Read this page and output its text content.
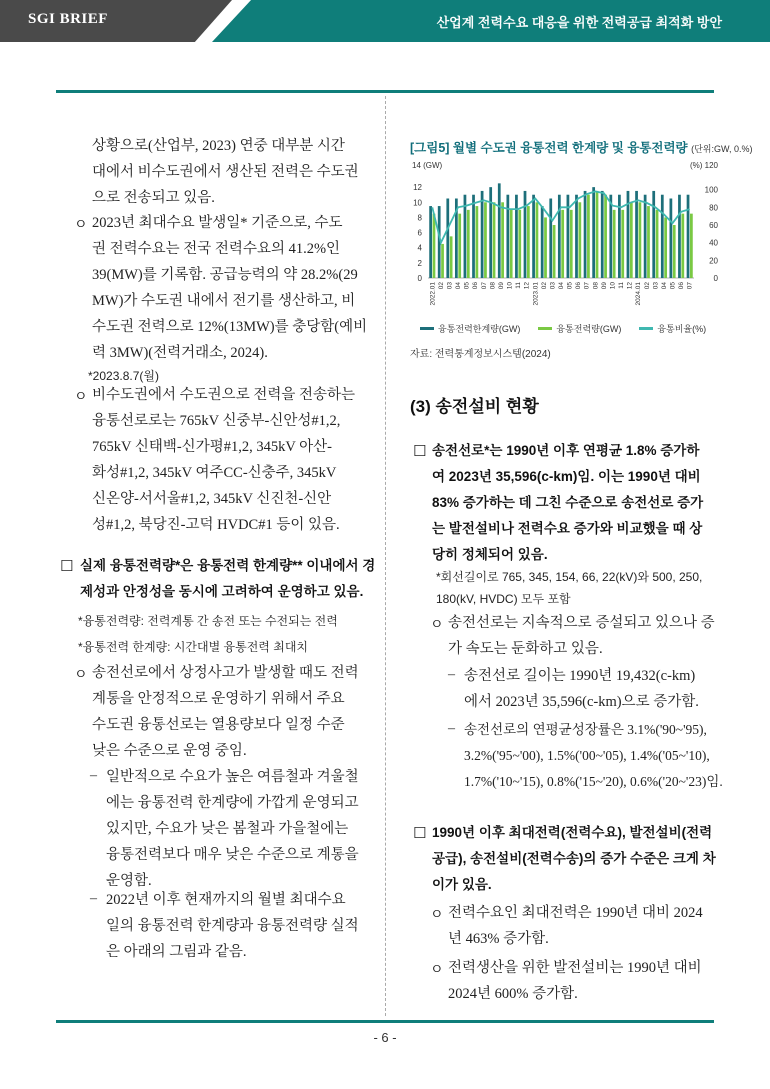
SGI BRIEF	산업계 전력수요 대응을 위한 전력공급 최적화 방안
상황으로(산업부, 2023) 연중 대부분 시간
대에서 비수도권에서 생산된 전력은 수도권
으로 전송되고 있음.
2023년 최대수요 발생일* 기준으로, 수도
권 전력수요는 전국 전력수요의 41.2%인
39(MW)를 기록함. 공급능력의 약 28.2%(29
MW)가 수도권 내에서 전기를 생산하고, 비
수도권 전력으로 12%(13MW)를 충당함(예비
력 3MW)(전력거래소, 2024).
ㅇ
*2023.8.7(월)
비수도권에서 수도권으로 전력을 전송하는
융통선로로는 765kV 신중부-신안성#1,2,
765kV 신태백-신가평#1,2, 345kV 아산-
화성#1,2, 345kV 여주CC-신충주, 345kV
신온양-서서울#1,2, 345kV 신진천-신안
성#1,2, 북당진-고덕 HVDC#1 등이 있음.
ㅇ
실제 융통전력량*은 융통전력 한계량** 이내에서 경
제성과 안정성을 동시에 고려하여 운영하고 있음.
☐
*융통전력량: 전력계통 간 송전 또는 수전되는 전력
*융통전력 한계량: 시간대별 융통전력 최대치
송전선로에서 상정사고가 발생할 때도 전력
계통을 안정적으로 운영하기 위해서 주요
수도권 융통선로는 열용량보다 일정 수준
낮은 수준으로 운영 중임.
ㅇ
일반적으로 수요가 높은 여름철과 겨울철
에는 융통전력 한계량에 가깝게 운영되고
있지만, 수요가 낮은 봄철과 가을철에는
융통전력보다 매우 낮은 수준으로 계통을
운영함.
–
2022년 이후 현재까지의 월별 최대수요
일의 융통전력 한계량과 융통전력량 실적
은 아래의 그림과 같음.
–
[그림5] 월별 수도권 융통전력 한계량 및 융통전력량 (단위:GW, 0.%)
14 (GW)	(%) 120
0
2
4
6
8
10
12
0
20
40
60
80
100
2022.01 02 03 04 05 06 07 08 09 10 11 12 2023.01 02 03 04 05 06 07 08 09 10 11 12 2024.01 02 03 04 05 06 07
융통전력한계량(GW)	융통전력량(GW)	융통비율(%)
자료: 전력통계정보시스템(2024)
(3) 송전설비 현황
송전선로*는 1990년 이후 연평균 1.8% 증가하
여 2023년 35,596(c-km)임. 이는 1990년 대비
83% 증가하는 데 그친 수준으로 송전선로 증가
는 발전설비나 전력수요 증가와 비교했을 때 상
당히 정체되어 있음.
☐
*회선길이로 765, 345, 154, 66, 22(kV)와 500, 250,
180(kV, HVDC) 모두 포함
송전선로는 지속적으로 증설되고 있으나 증
가 속도는 둔화하고 있음.
ㅇ
송전선로 길이는 1990년 19,432(c-km)
에서 2023년 35,596(c-km)으로 증가함.
–
송전선로의 연평균성장률은 3.1%('90~'95),
3.2%('95~'00), 1.5%('00~'05), 1.4%('05~'10),
1.7%('10~'15), 0.8%('15~'20), 0.6%('20~'23)임.
–
1990년 이후 최대전력(전력수요), 발전설비(전력
공급), 송전설비(전력수송)의 증가 수준은 크게 차
이가 있음.
☐
전력수요인 최대전력은 1990년 대비 2024
년 463% 증가함.
ㅇ
전력생산을 위한 발전설비는 1990년 대비
2024년 600% 증가함.
ㅇ
- 6 -
